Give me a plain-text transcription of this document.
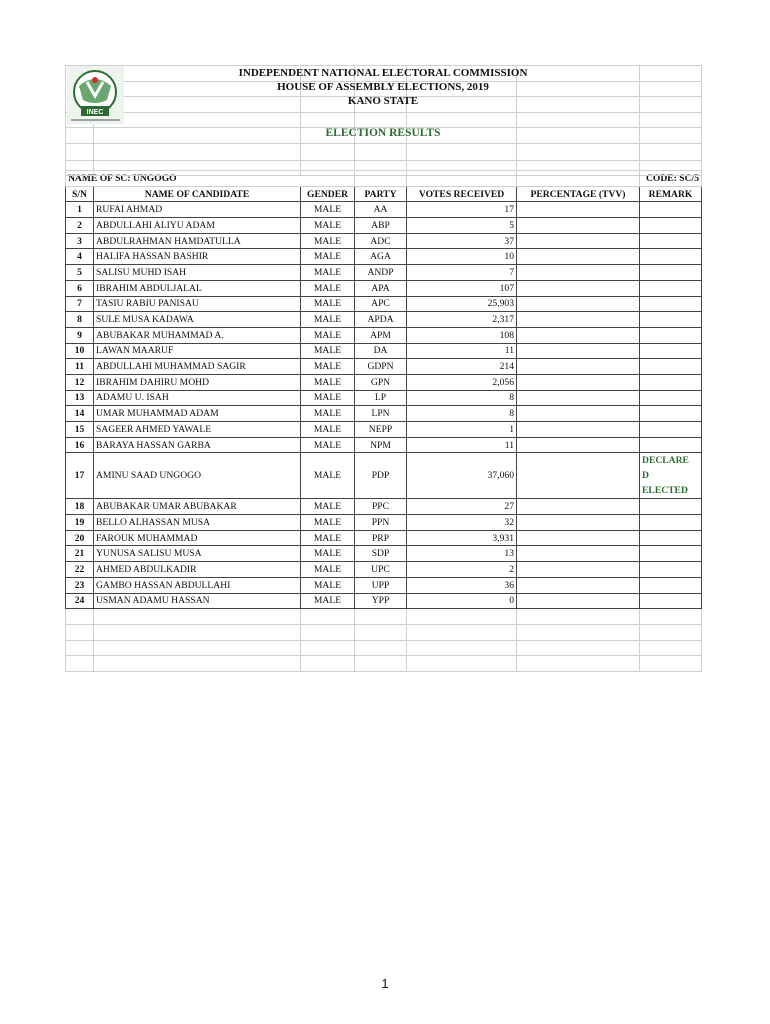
INEC
INDEPENDENT NATIONAL ELECTORAL COMMISSION
HOUSE OF ASSEMBLY ELECTIONS, 2019
KANO STATE
ELECTION RESULTS
NAME OF SC: UNGOGO						CODE: SC/5
S/N	NAME OF CANDIDATE	GENDER	PARTY	VOTES RECEIVED	PERCENTAGE (TVV)	REMARK
1	RUFAI AHMAD	MALE	AA	17		
2	ABDULLAHI ALIYU ADAM	MALE	ABP	5		
3	ABDULRAHMAN HAMDATULLA	MALE	ADC	37		
4	HALIFA HASSAN BASHIR	MALE	AGA	10		
5	SALISU MUHD ISAH	MALE	ANDP	7		
6	IBRAHIM ABDULJALAL	MALE	APA	107		
7	TASIU RABIU PANISAU	MALE	APC	25,903		
8	SULE MUSA KADAWA	MALE	APDA	2,317		
9	ABUBAKAR MUHAMMAD A.	MALE	APM	108		
10	LAWAN MAARUF	MALE	DA	11		
11	ABDULLAHI MUHAMMAD SAGIR	MALE	GDPN	214		
12	IBRAHIM DAHIRU MOHD	MALE	GPN	2,056		
13	ADAMU U. ISAH	MALE	LP	8		
14	UMAR MUHAMMAD ADAM	MALE	LPN	8		
15	SAGEER AHMED YAWALE	MALE	NEPP	1		
16	BARAYA HASSAN GARBA	MALE	NPM	11		
17	AMINU SAAD UNGOGO	MALE	PDP	37,060		DECLARE
D
ELECTED

18	ABUBAKAR UMAR ABUBAKAR	MALE	PPC	27		
19	BELLO ALHASSAN MUSA	MALE	PPN	32		
20	FAROUK MUHAMMAD	MALE	PRP	3,931		
21	YUNUSA SALISU MUSA	MALE	SDP	13		
22	AHMED ABDULKADIR	MALE	UPC	2		
23	GAMBO HASSAN ABDULLAHI	MALE	UPP	36		
24	USMAN ADAMU HASSAN	MALE	YPP	0		

1
